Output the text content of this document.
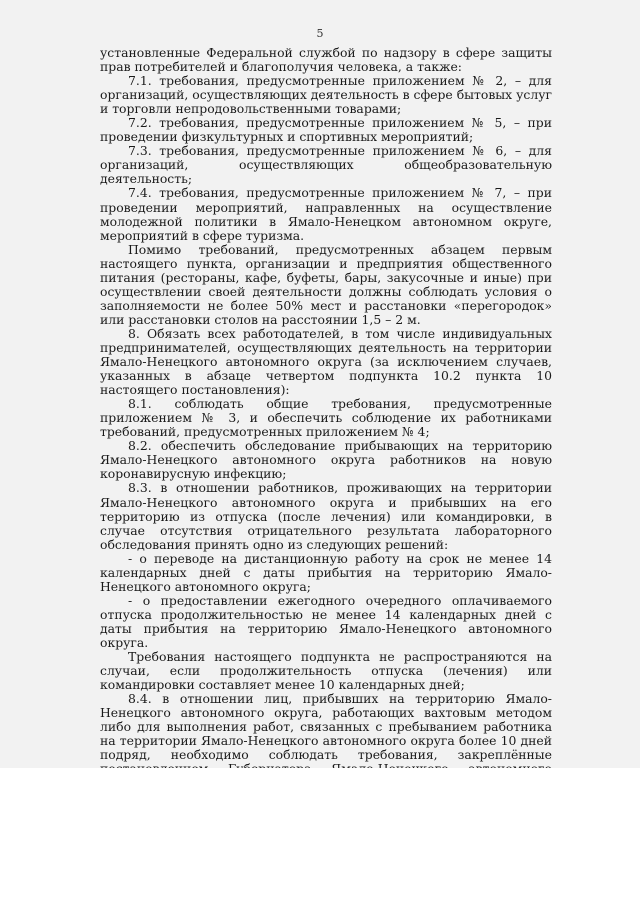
5

установленные Федеральной службой по надзору в сфере защиты прав потребителей и благополучия человека, а также:

7.1. требования, предусмотренные приложением № 2, – для организаций, осуществляющих деятельность в сфере бытовых услуг и торговли непродовольственными товарами;

7.2. требования, предусмотренные приложением № 5, – при проведении физкультурных и спортивных мероприятий;

7.3. требования, предусмотренные приложением № 6, – для организаций, осуществляющих общеобразовательную деятельность;

7.4. требования, предусмотренные приложением № 7, – при проведении мероприятий, направленных на осуществление молодежной политики в Ямало-Ненецком автономном округе, мероприятий в сфере туризма.

Помимо требований, предусмотренных абзацем первым настоящего пункта, организации и предприятия общественного питания (рестораны, кафе, буфеты, бары, закусочные и иные) при осуществлении своей деятельности должны соблюдать условия о заполняемости не более 50% мест и расстановки «перегородок» или расстановки столов на расстоянии 1,5 – 2 м.

8. Обязать всех работодателей, в том числе индивидуальных предпринимателей, осуществляющих деятельность на территории Ямало-Ненецкого автономного округа (за исключением случаев, указанных в абзаце четвертом подпункта 10.2 пункта 10 настоящего постановления):

8.1. соблюдать общие требования, предусмотренные приложением № 3, и обеспечить соблюдение их работниками требований, предусмотренных приложением № 4;

8.2. обеспечить обследование прибывающих на территорию Ямало-Ненецкого автономного округа работников на новую коронавирусную инфекцию;

8.3. в отношении работников, проживающих на территории Ямало-Ненецкого автономного округа и прибывших на его территорию из отпуска (после лечения) или командировки, в случае отсутствия отрицательного результата лабораторного обследования принять одно из следующих решений:

- о переводе на дистанционную работу на срок не менее 14 календарных дней с даты прибытия на территорию Ямало-Ненецкого автономного округа;

- о предоставлении ежегодного очередного оплачиваемого отпуска продолжительностью не менее 14 календарных дней с даты прибытия на территорию Ямало-Ненецкого автономного округа.

Требования настоящего подпункта не распространяются на случаи, если продолжительность отпуска (лечения) или командировки составляет менее 10 календарных дней;

8.4. в отношении лиц, прибывших на территорию Ямало-Ненецкого автономного округа, работающих вахтовым методом либо для выполнения работ, связанных с пребыванием работника на территории Ямало-Ненецкого автономного округа более 10 дней подряд, необходимо соблюдать требования, закреплённые
